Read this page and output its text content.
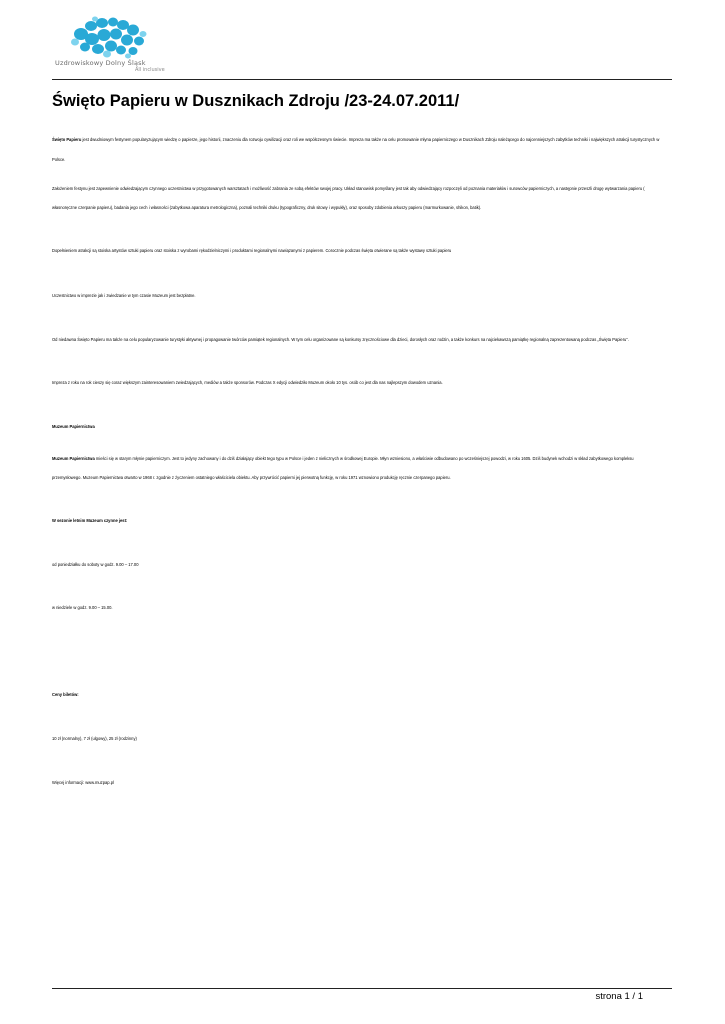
Uzdrowiskowy Dolny Śląsk
All inclusive
Święto Papieru w Dusznikach Zdroju /23-24.07.2011/
Święto Papieru jest dwudniowym festynem popularyzującym wiedzę o papierze, jego historii, znaczeniu dla rozwoju cywilizacji oraz roli we współczesnym świecie. Impreza ma także na celu promowanie młyna papierniczego w Dusznikach Zdroju należącego do najcenniejszych zabytków techniki i największych atrakcji turystycznych w
Polsce.
Założeniem festynu jest zapewnienie odwiedzającym czynnego uczestnictwa w przygotowanych warsztatach i możliwość zabrania ze sobą efektów swojej pracy. Układ stanowisk pomyślany jest tak aby odwiedzający rozpoczęli od poznania materiałów i surowców papierniczych, a następnie przeszli drogę wytwarzania papieru (
własnoręczne czerpanie papieru), badania jego cech i własności (zabytkowa aparatura metrologiczna), poznali techniki druku (typograficzny, druk sitowy i wypukły), oraz sposoby zdobienia arkuszy papieru (marmurkowanie, shikon, batik).
Dopełnieniem atrakcji są stoiska artystów sztuki papieru oraz stoiska z wyrobami rękodzielniczymi i produktami regionalnymi nawiązanymi z papierem. Corocznie podczas święta otwierane są także wystawy sztuki papieru
Uczestnictwo w imprezie jak i zwiedzanie w tym czasie Muzeum jest bezpłatne.
Od niedawna Święto Papieru ma także na celu popularyzowanie turystyki aktywnej i propagowanie twórców pamiątek regionalnych. W tym celu organizowane są konkursy zręcznościowe dla dzieci, dorosłych oraz rodzin, a także konkurs na najciekawszą pamiątkę regionalną zaprezentowaną podczas „Święta Papieru”.
Impreza z roku na rok cieszy się coraz większym zainteresowaniem zwiedzających, mediów a także sponsorów. Podczas X edycji odwiedziło Muzeum około 10 tys. osób co jest dla nas najlepszym dowodem uznania.
Muzeum Papiernictwa
Muzeum Papiernictwa mieści się w starym młynie papierniczym. Jest to jedyny zachowany i do dziś działający obiekt tego typu w Polsce i jeden z nielicznych w środkowej Europie. Młyn wzniesiono, a właściwie odbudowano po wcześniejszej powodzi, w roku 1605. Dziś budynek wchodzi w skład zabytkowego kompleksu
przemysłowego. Muzeum Papiernictwa otwarto w 1968 r. zgodnie z życzeniem ostatniego właściciela obiektu. Aby przywrócić papierni jej pierwotną funkcję, w roku 1971 wznowiono produkcję ręcznie czerpanego papieru.
W sezonie letnim Muzeum czynne jest:
od poniedziałku do soboty w godz. 9.00 – 17.00
w niedziele w godz. 9.00 – 15.00.
Ceny biletów:
10 zł (normalny), 7 zł (ulgowy), 25 zł (rodzinny)
Więcej informacji: www.muzpap.pl
strona 1 / 1
